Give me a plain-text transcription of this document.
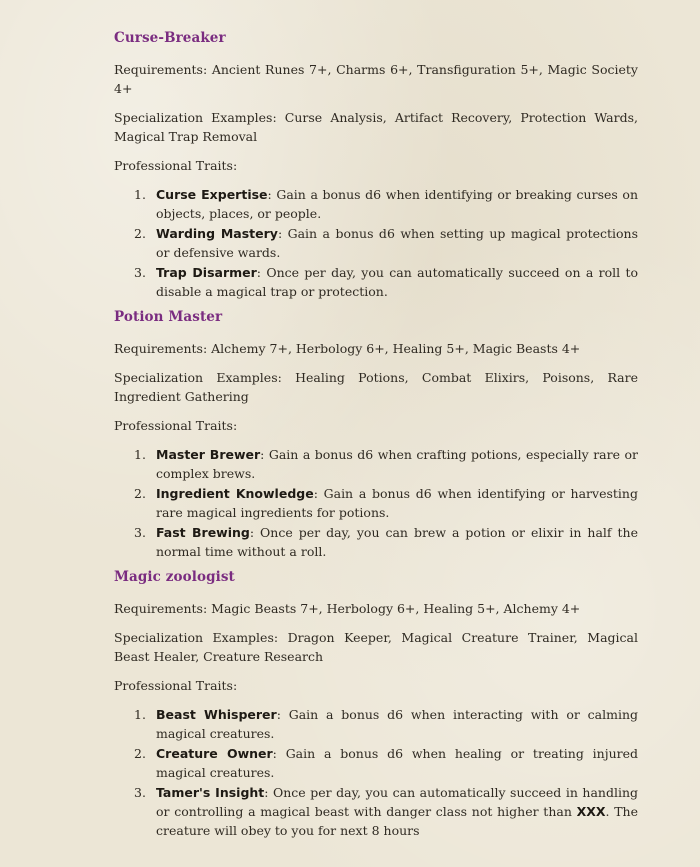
Curse-Breaker

Requirements: Ancient Runes 7+, Charms 6+, Transfiguration 5+, Magic Society 4+

Specialization Examples: Curse Analysis, Artifact Recovery, Protection Wards, Magical Trap Removal

Professional Traits:

1. Curse Expertise: Gain a bonus d6 when identifying or breaking curses on objects, places, or people.
2. Warding Mastery: Gain a bonus d6 when setting up magical protections or defensive wards.
3. Trap Disarmer: Once per day, you can automatically succeed on a roll to disable a magical trap or protection.
Potion Master

Requirements: Alchemy 7+, Herbology 6+, Healing 5+, Magic Beasts 4+

Specialization Examples: Healing Potions, Combat Elixirs, Poisons, Rare Ingredient Gathering

Professional Traits:

1. Master Brewer: Gain a bonus d6 when crafting potions, especially rare or complex brews.
2. Ingredient Knowledge: Gain a bonus d6 when identifying or harvesting rare magical ingredients for potions.
3. Fast Brewing: Once per day, you can brew a potion or elixir in half the normal time without a roll.
Magic zoologist

Requirements: Magic Beasts 7+, Herbology 6+, Healing 5+, Alchemy 4+

Specialization Examples: Dragon Keeper, Magical Creature Trainer, Magical Beast Healer, Creature Research

Professional Traits:

1. Beast Whisperer: Gain a bonus d6 when interacting with or calming magical creatures.
2. Creature Owner: Gain a bonus d6 when healing or treating injured magical creatures.
3. Tamer's Insight: Once per day, you can automatically succeed in handling or controlling a magical beast with danger class not higher than XXX. The creature will obey to you for next 8 hours
